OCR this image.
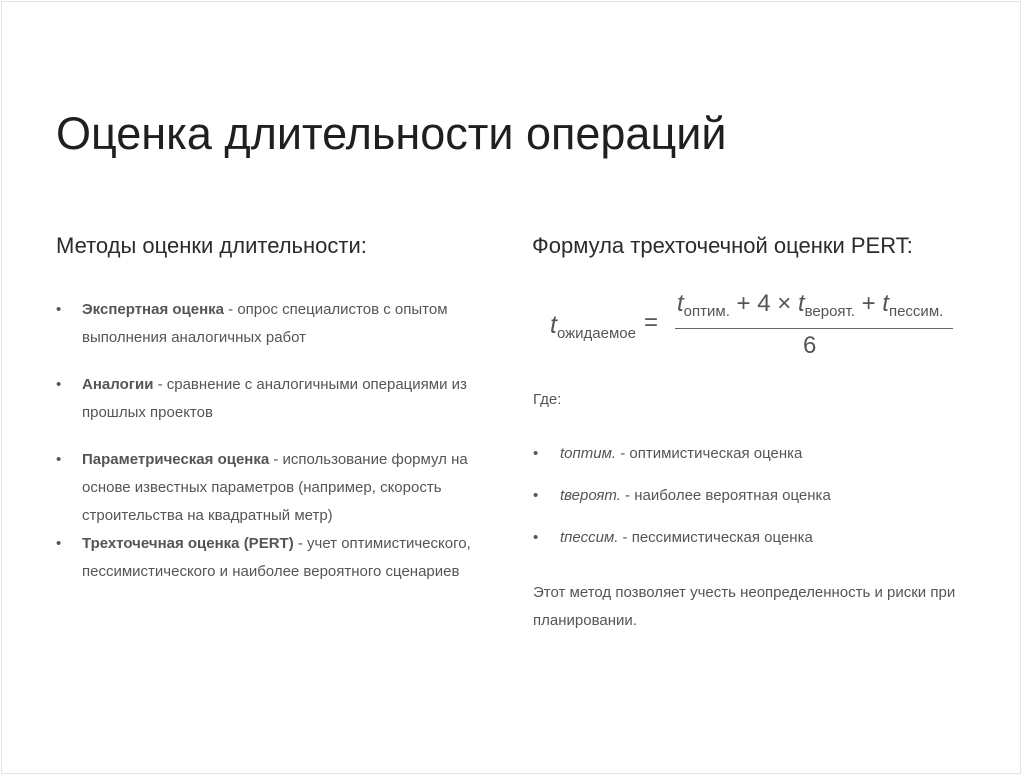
Оценка длительности операций
Методы оценки длительности:	Формула трехточечной оценки PERT:
• Экспертная оценка - опрос специалистов с опытом выполнения аналогичных работ
• Аналогии - сравнение с аналогичными операциями из прошлых проектов
• Параметрическая оценка - использование формул на основе известных параметров (например, скорость строительства на квадратный метр)
• Трехточечная оценка (PERT) - учет оптимистического, пессимистического и наиболее вероятного сценариев
$t_{ожидаемое}$ =
$t_{оптим.} + 4 \times t_{вероят.} + t_{пессим.}$
6
Где:
• tоптим. - оптимистическая оценка
• tвероят. - наиболее вероятная оценка
• tпессим. - пессимистическая оценка

Этот метод позволяет учесть неопределенность и риски при планировании.
